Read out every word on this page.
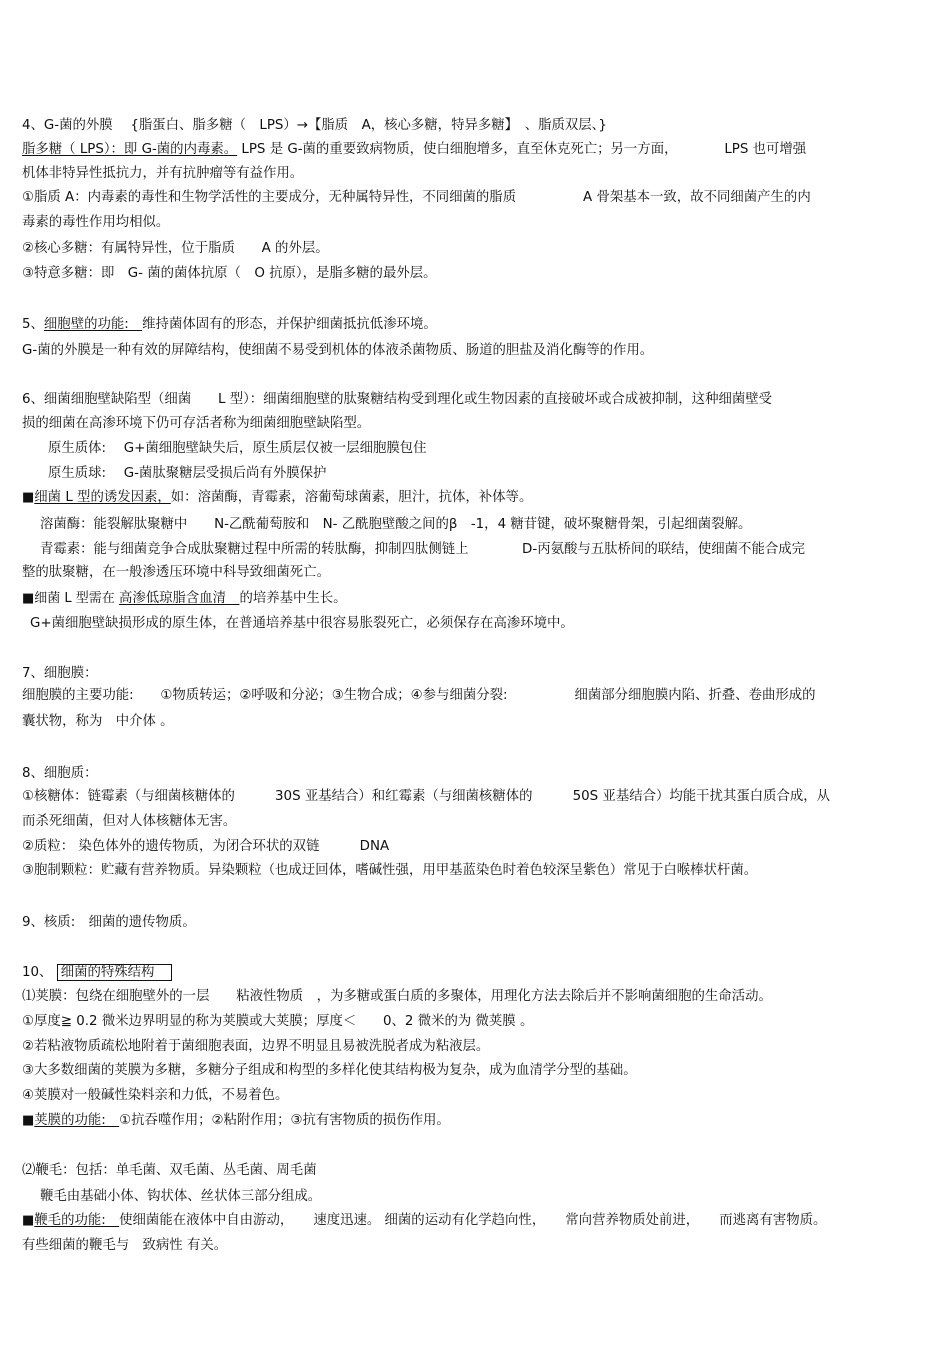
4、G-菌的外膜　 {脂蛋白、脂多糖（　LPS）→【脂质　A，核心多糖，特异多糖】　、脂质双层、}
脂多糖（ LPS）：即 G-菌的内毒素。 LPS 是 G-菌的重要致病物质，使白细胞增多，直至休克死亡；另一方面，　　　　LPS 也可增强
机体非特异性抵抗力，并有抗肿瘤等有益作用。
①脂质 A：内毒素的毒性和生物学活性的主要成分，无种属特异性，不同细菌的脂质　　　　　A 骨架基本一致，故不同细菌产生的内
毒素的毒性作用均相似。
②核心多糖：有属特异性，位于脂质　　A 的外层。
③特意多糖：即　G- 菌的菌体抗原（　O 抗原），是脂多糖的最外层。
5、细胞壁的功能:　维持菌体固有的形态，并保护细菌抵抗低渗环境。
G-菌的外膜是一种有效的屏障结构，使细菌不易受到机体的体液杀菌物质、肠道的胆盐及消化酶等的作用。
6、细菌细胞壁缺陷型（细菌　　L 型）：细菌细胞壁的肽聚糖结构受到理化或生物因素的直接破坏或合成被抑制，这种细菌壁受
损的细菌在高渗环境下仍可存活者称为细菌细胞壁缺陷型。
原生质体:　 G+菌细胞壁缺失后，原生质层仅被一层细胞膜包住
原生质球:　 G-菌肽聚糖层受损后尚有外膜保护
■细菌 L 型的诱发因素，如：溶菌酶，青霉素，溶葡萄球菌素，胆汁，抗体，补体等。
溶菌酶：能裂解肽聚糖中　　N-乙酰葡萄胺和　N- 乙酰胞壁酸之间的β　-1，4 糖苷键，破坏聚糖骨架，引起细菌裂解。
青霉素：能与细菌竞争合成肽聚糖过程中所需的转肽酶，抑制四肽侧链上　　　　D-丙氨酸与五肽桥间的联结，使细菌不能合成完
整的肽聚糖，在一般渗透压环境中科导致细菌死亡。
■细菌 L 型需在 高渗低琼脂含血清　的培养基中生长。
G+菌细胞壁缺损形成的原生体，在普通培养基中很容易胀裂死亡，必须保存在高渗环境中。
7、细胞膜：
细胞膜的主要功能:　　①物质转运；②呼吸和分泌；③生物合成；④参与细菌分裂:　　　　　细菌部分细胞膜内陷、折叠、卷曲形成的
囊状物，称为　中介体 。
8、细胞质：
①核糖体：链霉素（与细菌核糖体的　　　30S 亚基结合）和红霉素（与细菌核糖体的　　　50S 亚基结合）均能干扰其蛋白质合成，从
而杀死细菌，但对人体核糖体无害。
②质粒： 染色体外的遗传物质，为闭合环状的双链　　　DNA
③胞制颗粒：贮藏有营养物质。异染颗粒（也成迂回体，嗜碱性强，用甲基蓝染色时着色较深呈紫色）常见于白喉棒状杆菌。
9、核质:　细菌的遗传物质。
10、 细菌的特殊结构　
⑴荚膜：包绕在细胞壁外的一层　　粘液性物质　，为多糖或蛋白质的多聚体，用理化方法去除后并不影响菌细胞的生命活动。
①厚度≧ 0.2 微米边界明显的称为荚膜或大荚膜；厚度＜　　0、2 微米的为 微荚膜 。
②若粘液物质疏松地附着于菌细胞表面，边界不明显且易被洗脱者成为粘液层。
③大多数细菌的荚膜为多糖，多糖分子组成和构型的多样化使其结构极为复杂，成为血清学分型的基础。
④荚膜对一般碱性染料亲和力低，不易着色。
■荚膜的功能:　①抗吞噬作用；②粘附作用；③抗有害物质的损伤作用。
⑵鞭毛：包括：单毛菌、双毛菌、丛毛菌、周毛菌
鞭毛由基础小体、钩状体、丝状体三部分组成。
■鞭毛的功能:　使细菌能在液体中自由游动，　　速度迅速。 细菌的运动有化学趋向性，　　常向营养物质处前进，　　而逃离有害物质。
有些细菌的鞭毛与　致病性 有关。
